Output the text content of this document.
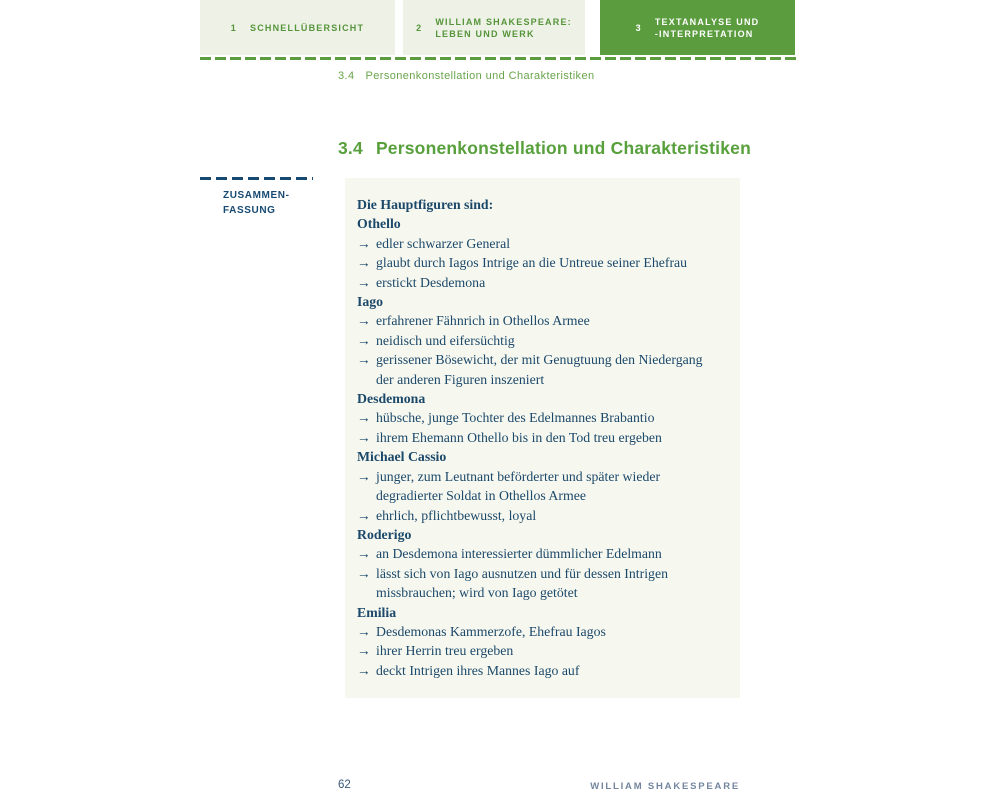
1 SCHNELLÜBERSICHT	2
WILLIAM SHAKESPEARE:
LEBEN UND WERK
3
TEXTANALYSE UND
-INTERPRETATION
3.4 Personenkonstellation und Charakteristiken
3.4 Personenkonstellation und Charakteristiken
ZUSAMMEN-
FASSUNG	Die Hauptfiguren sind:
Othello
→ edler schwarzer General
→ glaubt durch Iagos Intrige an die Untreue seiner Ehefrau
→ erstickt Desdemona
Iago
→ erfahrener Fähnrich in Othellos Armee
→ neidisch und eifersüchtig
→ gerissener Bösewicht, der mit Genugtuung den Niedergang der anderen Figuren inszeniert
Desdemona
→ hübsche, junge Tochter des Edelmannes Brabantio
→ ihrem Ehemann Othello bis in den Tod treu ergeben
Michael Cassio
→ junger, zum Leutnant beförderter und später wieder degradierter Soldat in Othellos Armee
→ ehrlich, pflichtbewusst, loyal
Roderigo
→ an Desdemona interessierter dümmlicher Edelmann
→ lässt sich von Iago ausnutzen und für dessen Intrigen missbrauchen; wird von Iago getötet
Emilia
→ Desdemonas Kammerzofe, Ehefrau Iagos
→ ihrer Herrin treu ergeben
→ deckt Intrigen ihres Mannes Iago auf
62	WILLIAM SHAKESPEARE
